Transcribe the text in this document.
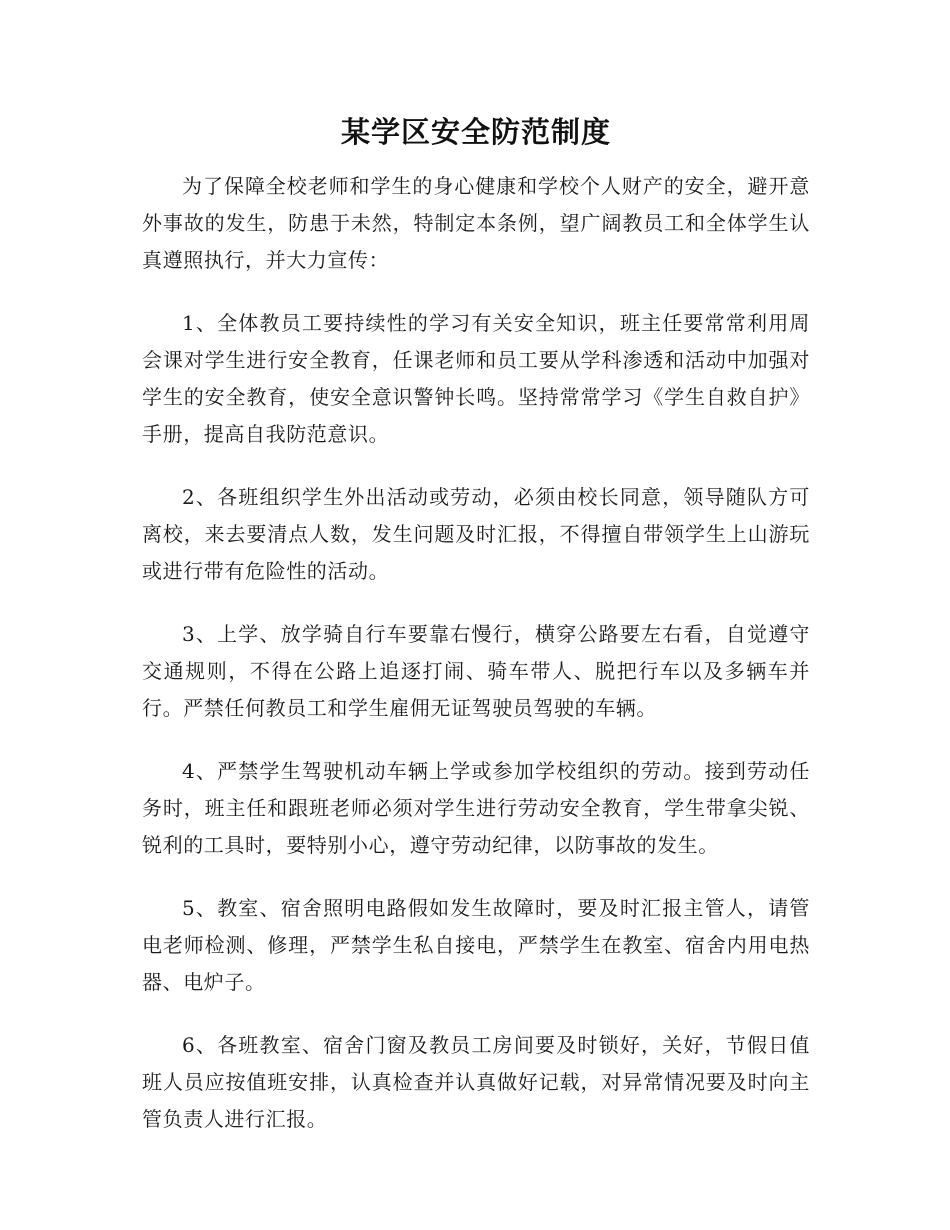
某学区安全防范制度

为了保障全校老师和学生的身心健康和学校个人财产的安全，避开意外事故的发生，防患于未然，特制定本条例，望广阔教员工和全体学生认真遵照执行，并大力宣传：

1、全体教员工要持续性的学习有关安全知识，班主任要常常利用周会课对学生进行安全教育，任课老师和员工要从学科渗透和活动中加强对学生的安全教育，使安全意识警钟长鸣。坚持常常学习《学生自救自护》手册，提高自我防范意识。

2、各班组织学生外出活动或劳动，必须由校长同意，领导随队方可离校，来去要清点人数，发生问题及时汇报，不得擅自带领学生上山游玩或进行带有危险性的活动。

3、上学、放学骑自行车要靠右慢行，横穿公路要左右看，自觉遵守交通规则，不得在公路上追逐打闹、骑车带人、脱把行车以及多辆车并行。严禁任何教员工和学生雇佣无证驾驶员驾驶的车辆。

4、严禁学生驾驶机动车辆上学或参加学校组织的劳动。接到劳动任务时，班主任和跟班老师必须对学生进行劳动安全教育，学生带拿尖锐、锐利的工具时，要特别小心，遵守劳动纪律，以防事故的发生。

5、教室、宿舍照明电路假如发生故障时，要及时汇报主管人，请管电老师检测、修理，严禁学生私自接电，严禁学生在教室、宿舍内用电热器、电炉子。

6、各班教室、宿舍门窗及教员工房间要及时锁好，关好，节假日值班人员应按值班安排，认真检查并认真做好记载，对异常情况要及时向主管负责人进行汇报。
